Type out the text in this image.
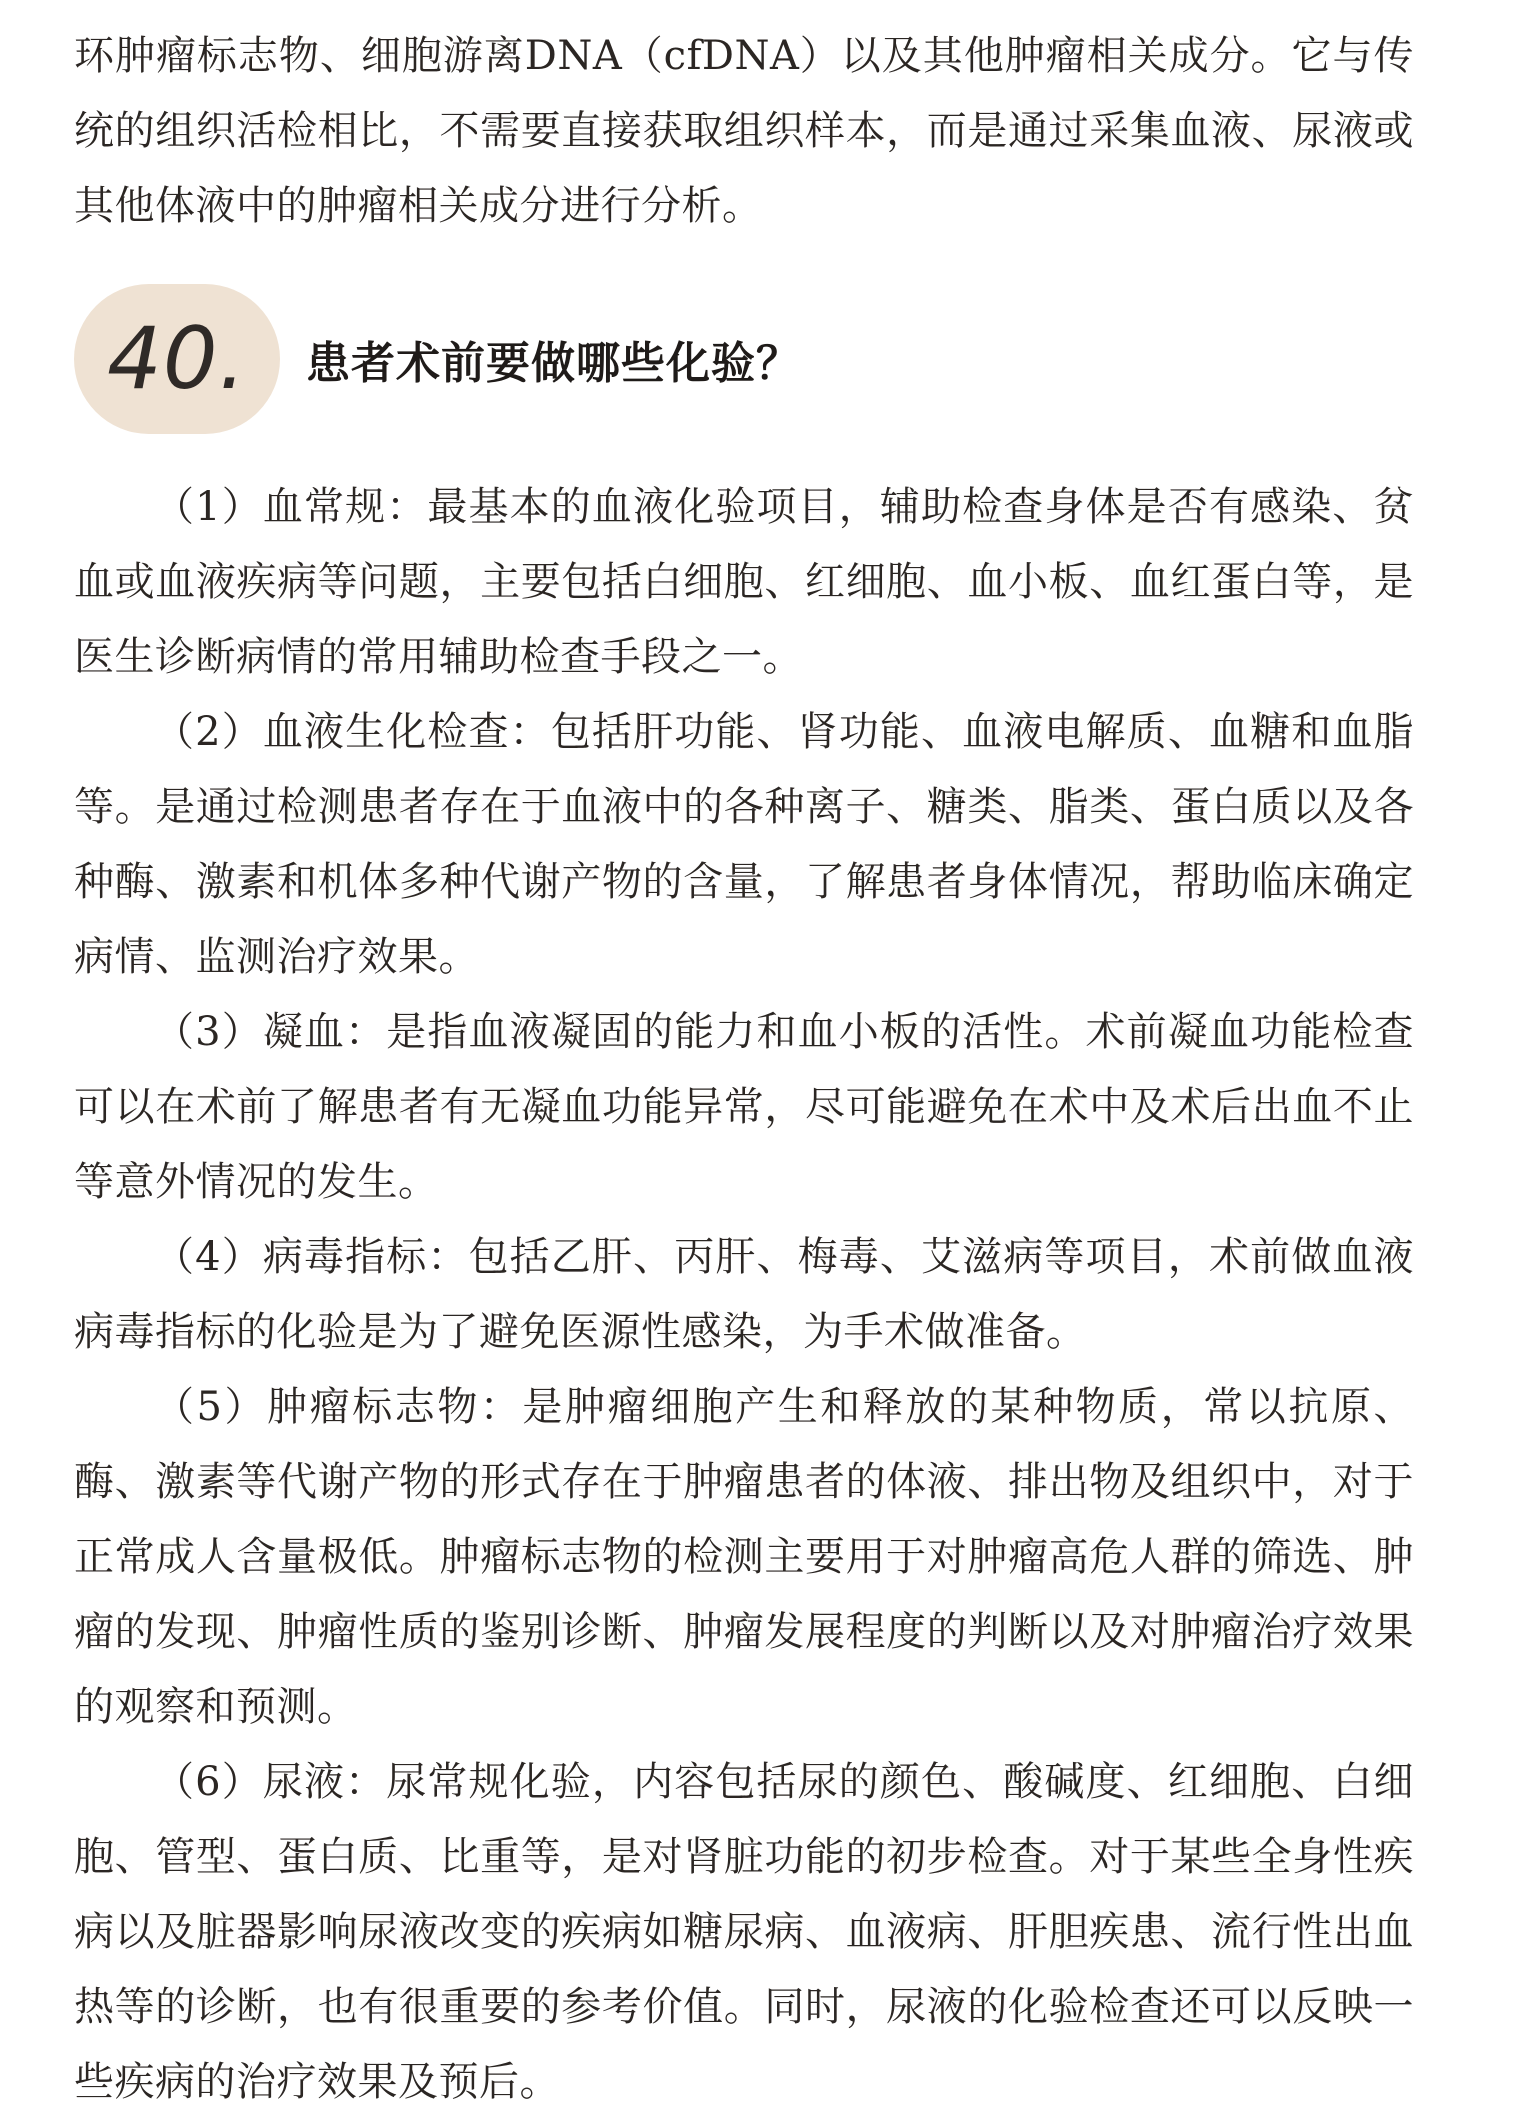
环肿瘤标志物、细胞游离DNA（cfDNA）以及其他肿瘤相关成分。它与传统的组织活检相比，不需要直接获取组织样本，而是通过采集血液、尿液或其他体液中的肿瘤相关成分进行分析。

40. 患者术前要做哪些化验？

（1）血常规：最基本的血液化验项目，辅助检查身体是否有感染、贫血或血液疾病等问题，主要包括白细胞、红细胞、血小板、血红蛋白等，是医生诊断病情的常用辅助检查手段之一。

（2）血液生化检查：包括肝功能、肾功能、血液电解质、血糖和血脂等。是通过检测患者存在于血液中的各种离子、糖类、脂类、蛋白质以及各种酶、激素和机体多种代谢产物的含量，了解患者身体情况，帮助临床确定病情、监测治疗效果。

（3）凝血：是指血液凝固的能力和血小板的活性。术前凝血功能检查可以在术前了解患者有无凝血功能异常，尽可能避免在术中及术后出血不止等意外情况的发生。

（4）病毒指标：包括乙肝、丙肝、梅毒、艾滋病等项目，术前做血液病毒指标的化验是为了避免医源性感染，为手术做准备。

（5）肿瘤标志物：是肿瘤细胞产生和释放的某种物质，常以抗原、酶、激素等代谢产物的形式存在于肿瘤患者的体液、排出物及组织中，对于正常成人含量极低。肿瘤标志物的检测主要用于对肿瘤高危人群的筛选、肿瘤的发现、肿瘤性质的鉴别诊断、肿瘤发展程度的判断以及对肿瘤治疗效果的观察和预测。

（6）尿液：尿常规化验，内容包括尿的颜色、酸碱度、红细胞、白细胞、管型、蛋白质、比重等，是对肾脏功能的初步检查。对于某些全身性疾病以及脏器影响尿液改变的疾病如糖尿病、血液病、肝胆疾患、流行性出血热等的诊断，也有很重要的参考价值。同时，尿液的化验检查还可以反映一些疾病的治疗效果及预后。
